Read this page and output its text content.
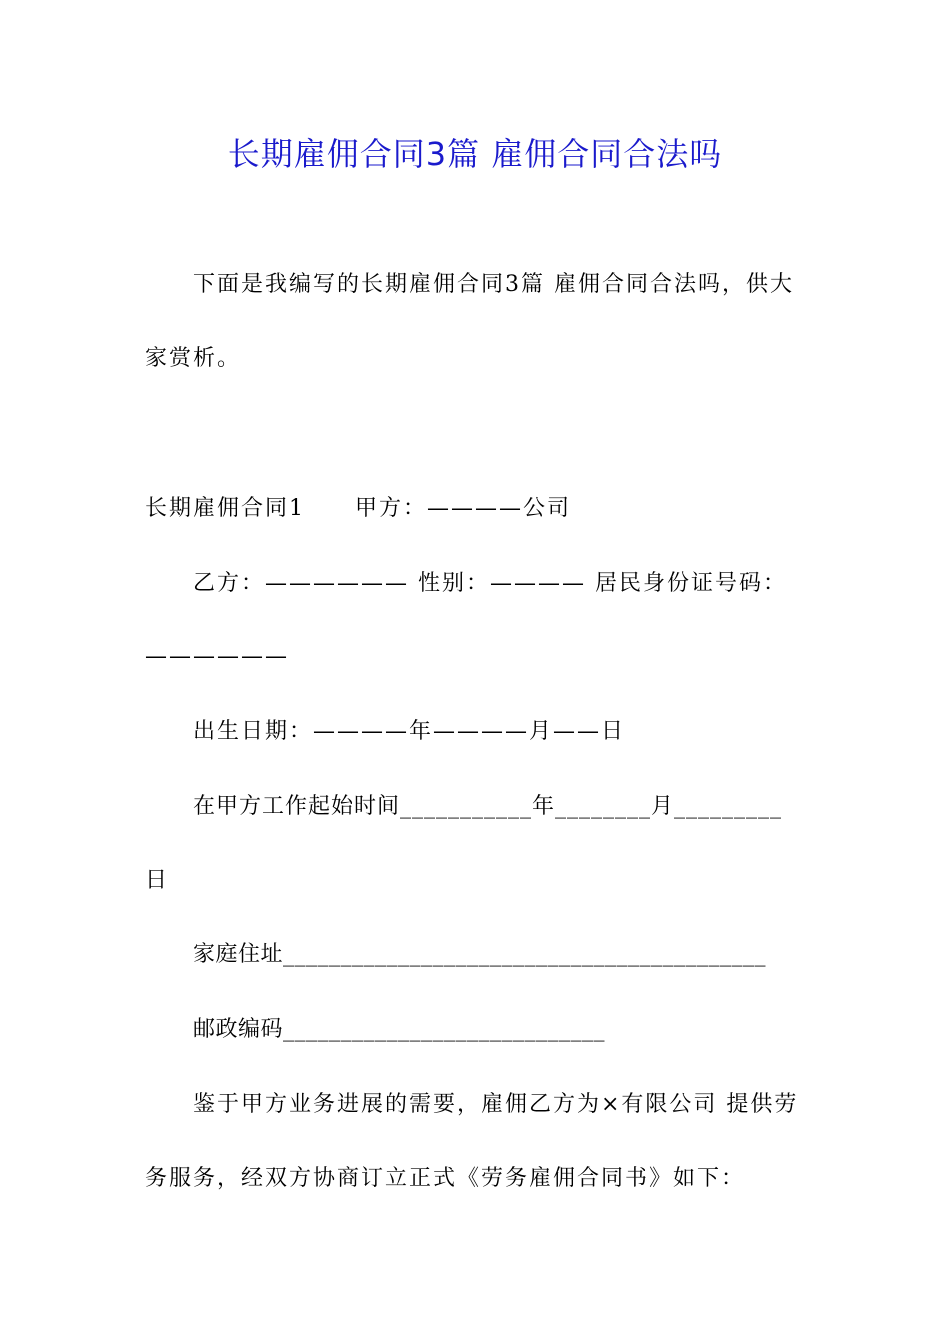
长期雇佣合同3篇 雇佣合同合法吗
下面是我编写的长期雇佣合同3篇 雇佣合同合法吗，供大
家赏析。
长期雇佣合同1 甲方：————公司
乙方：—————— 性别：———— 居民身份证号码：
——————
出生日期：————年————月——日
在甲方工作起始时间___________年________月_________
日
家庭住址__________________________________________
邮政编码____________________________
鉴于甲方业务进展的需要，雇佣乙方为×有限公司 提供劳
务服务，经双方协商订立正式《劳务雇佣合同书》如下：
